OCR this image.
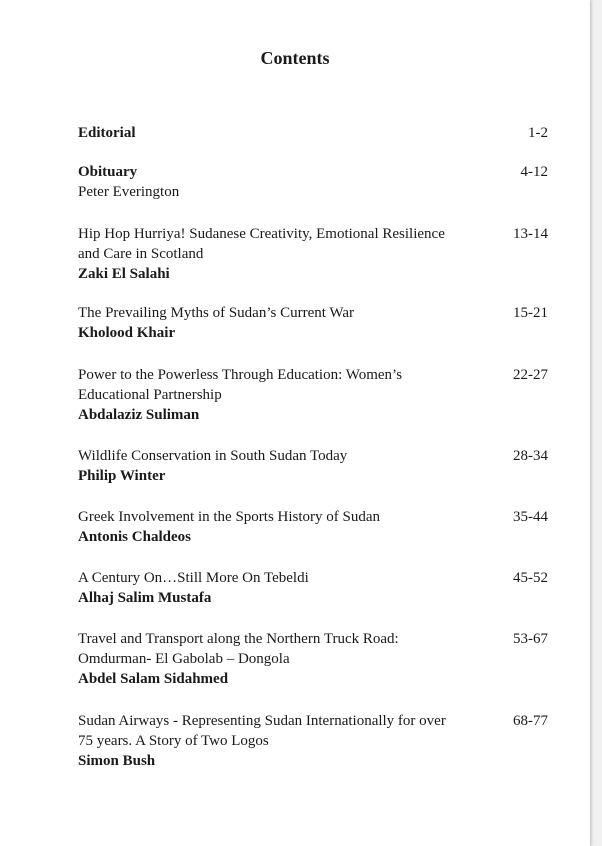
Contents
Editorial	1-2
Obituary
Peter Everington
4-12
Hip Hop Hurriya! Sudanese Creativity, Emotional Resilience
and Care in Scotland
Zaki El Salahi
13-14
The Prevailing Myths of Sudan’s Current War
Kholood Khair
15-21
Power to the Powerless Through Education: Women’s
Educational Partnership
Abdalaziz Suliman
22-27
Wildlife Conservation in South Sudan Today
Philip Winter
28-34
Greek Involvement in the Sports History of Sudan
Antonis Chaldeos
35-44
A Century On…Still More On Tebeldi
Alhaj Salim Mustafa
45-52
Travel and Transport along the Northern Truck Road:
Omdurman- El Gabolab – Dongola
Abdel Salam Sidahmed
53-67
Sudan Airways - Representing Sudan Internationally for over
75 years. A Story of Two Logos
Simon Bush
68-77
